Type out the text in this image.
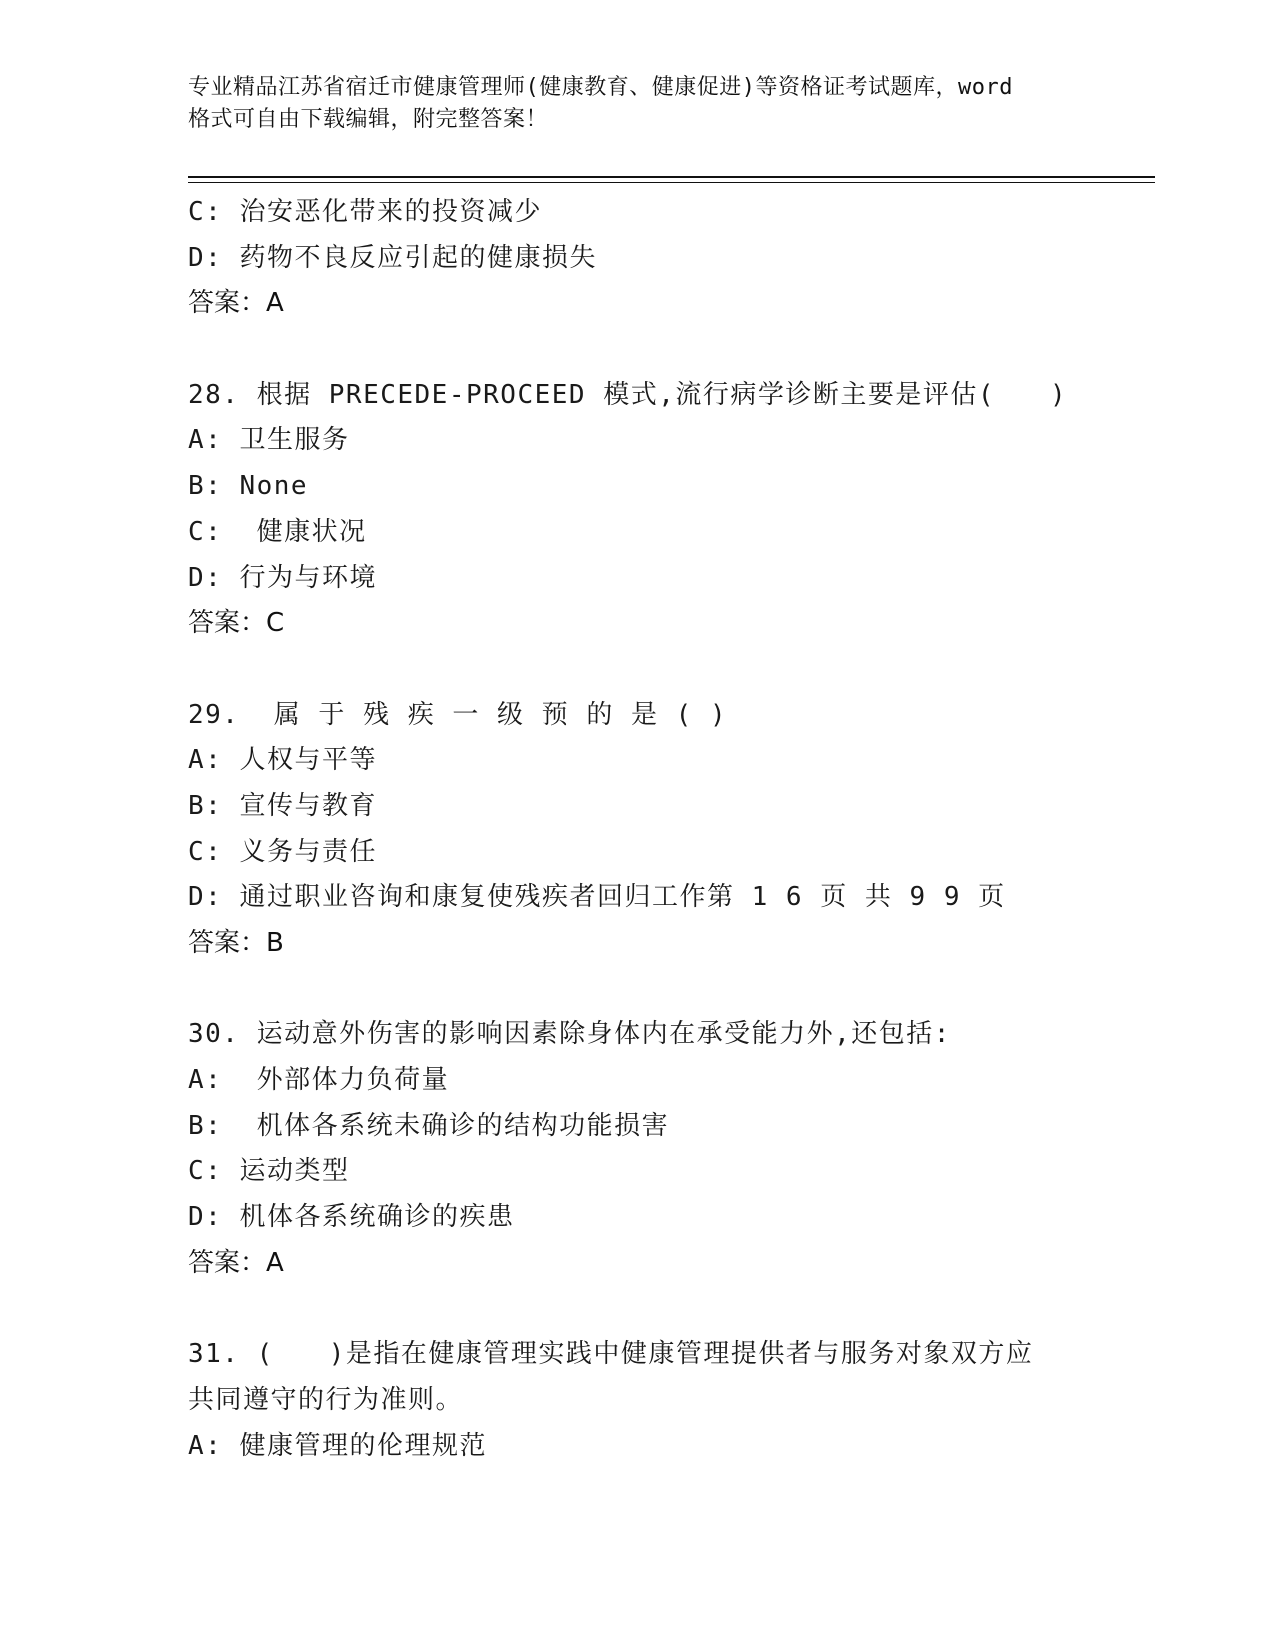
专业精品江苏省宿迁市健康管理师(健康教育、健康促进)等资格证考试题库，word
格式可自由下载编辑，附完整答案！
C: 治安恶化带来的投资减少
D: 药物不良反应引起的健康损失
答案：A
28. 根据 PRECEDE-PROCEED 模式,流行病学诊断主要是评估(　　)
A: 卫生服务
B: None
C:  健康状况
D: 行为与环境
答案：C
29.  属 于 残 疾 一 级 预 的 是 ( )
A: 人权与平等
B: 宣传与教育
C: 义务与责任
D: 通过职业咨询和康复使残疾者回归工作第 1 6 页 共 9 9 页
答案：B
30. 运动意外伤害的影响因素除身体内在承受能力外,还包括:
A:  外部体力负荷量
B:  机体各系统未确诊的结构功能损害
C: 运动类型
D: 机体各系统确诊的疾患
答案：A
31. (　　)是指在健康管理实践中健康管理提供者与服务对象双方应
共同遵守的行为准则。
A: 健康管理的伦理规范
